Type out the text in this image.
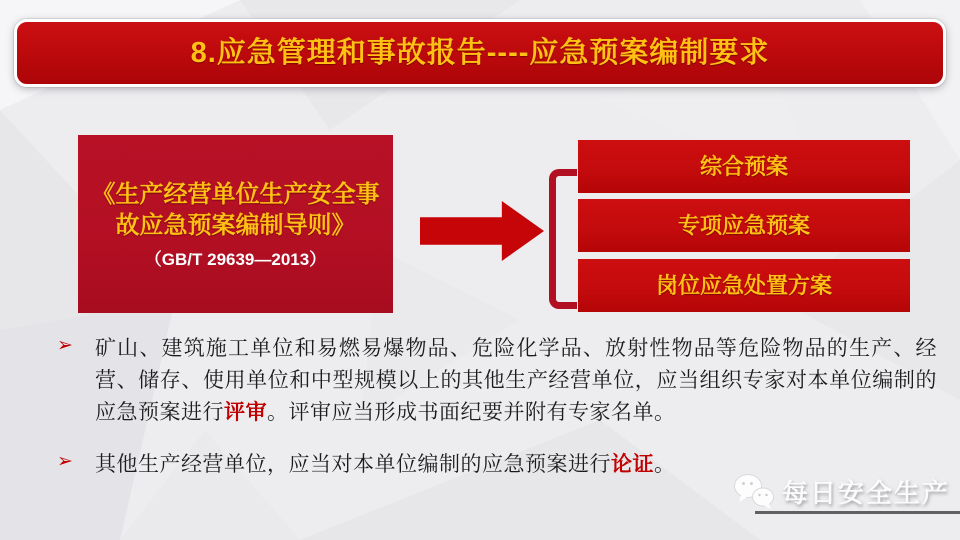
8.应急管理和事故报告----应急预案编制要求
《生产经营单位生产安全事故应急预案编制导则》
（GB/T 29639—2013）
综合预案
专项应急预案
岗位应急处置方案
➢ 矿山、建筑施工单位和易燃易爆物品、危险化学品、放射性物品等危险物品的生产、经营、储存、使用单位和中型规模以上的其他生产经营单位，应当组织专家对本单位编制的应急预案进行评审。评审应当形成书面纪要并附有专家名单。

➢ 其他生产经营单位，应当对本单位编制的应急预案进行论证。

每日安全生产
